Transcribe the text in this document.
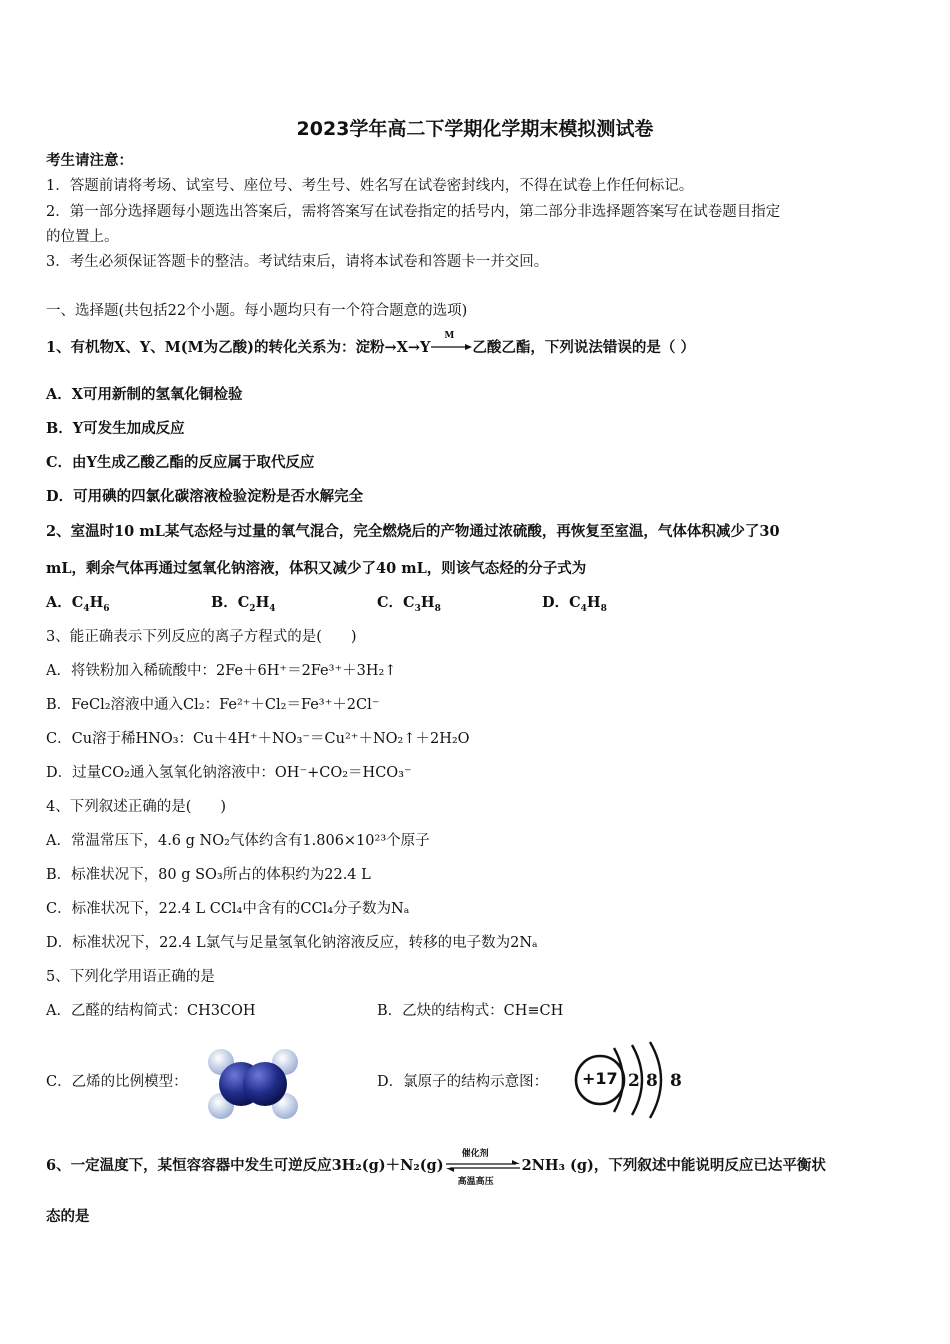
2023学年高二下学期化学期末模拟测试卷
考生请注意：
1．答题前请将考场、试室号、座位号、考生号、姓名写在试卷密封线内，不得在试卷上作任何标记。
2．第一部分选择题每小题选出答案后，需将答案写在试卷指定的括号内，第二部分非选择题答案写在试卷题目指定
的位置上。
3．考生必须保证答题卡的整洁。考试结束后，请将本试卷和答题卡一并交回。
一、选择题(共包括22个小题。每小题均只有一个符合题意的选项)
1、有机物X、Y、M(M为乙酸)的转化关系为：淀粉→X→Y
M
乙酸乙酯，下列说法错误的是（ ）
A．X可用新制的氢氧化铜检验
B．Y可发生加成反应
C．由Y生成乙酸乙酯的反应属于取代反应
D．可用碘的四氯化碳溶液检验淀粉是否水解完全
2、室温时10 mL某气态烃与过量的氧气混合，完全燃烧后的产物通过浓硫酸，再恢复至室温，气体体积减少了30
mL，剩余气体再通过氢氧化钠溶液，体积又减少了40 mL，则该气态烃的分子式为
A．$C_4H_6$	B．$C_2H_4$	C．$C_3H_8$	D．$C_4H_8$
3、能正确表示下列反应的离子方程式的是(　　)
A．将铁粉加入稀硫酸中：2Fe＋6H⁺＝2Fe³⁺＋3H₂↑
B．FeCl₂溶液中通入Cl₂：Fe²⁺＋Cl₂＝Fe³⁺＋2Cl⁻
C．Cu溶于稀HNO₃：Cu＋4H⁺＋NO₃⁻＝Cu²⁺＋NO₂↑＋2H₂O
D．过量CO₂通入氢氧化钠溶液中：OH⁻+CO₂＝HCO₃⁻
4、下列叙述正确的是(　　)
A．常温常压下，4.6 g NO₂气体约含有1.806×10²³个原子
B．标准状况下，80 g SO₃所占的体积约为22.4 L
C．标准状况下，22.4 L CCl₄中含有的CCl₄分子数为Nₐ
D．标准状况下，22.4 L氯气与足量氢氧化钠溶液反应，转移的电子数为2Nₐ
5、下列化学用语正确的是
A．乙醛的结构简式：CH3COH	B．乙炔的结构式：CH≡CH
C．乙烯的比例模型：	D．氯原子的结构示意图： +17 2 8 8
6、一定温度下，某恒容容器中发生可逆反应3H₂(g)＋N₂(g)
催化剂
高温高压
2NH₃ (g)，下列叙述中能说明反应已达平衡状
态的是
